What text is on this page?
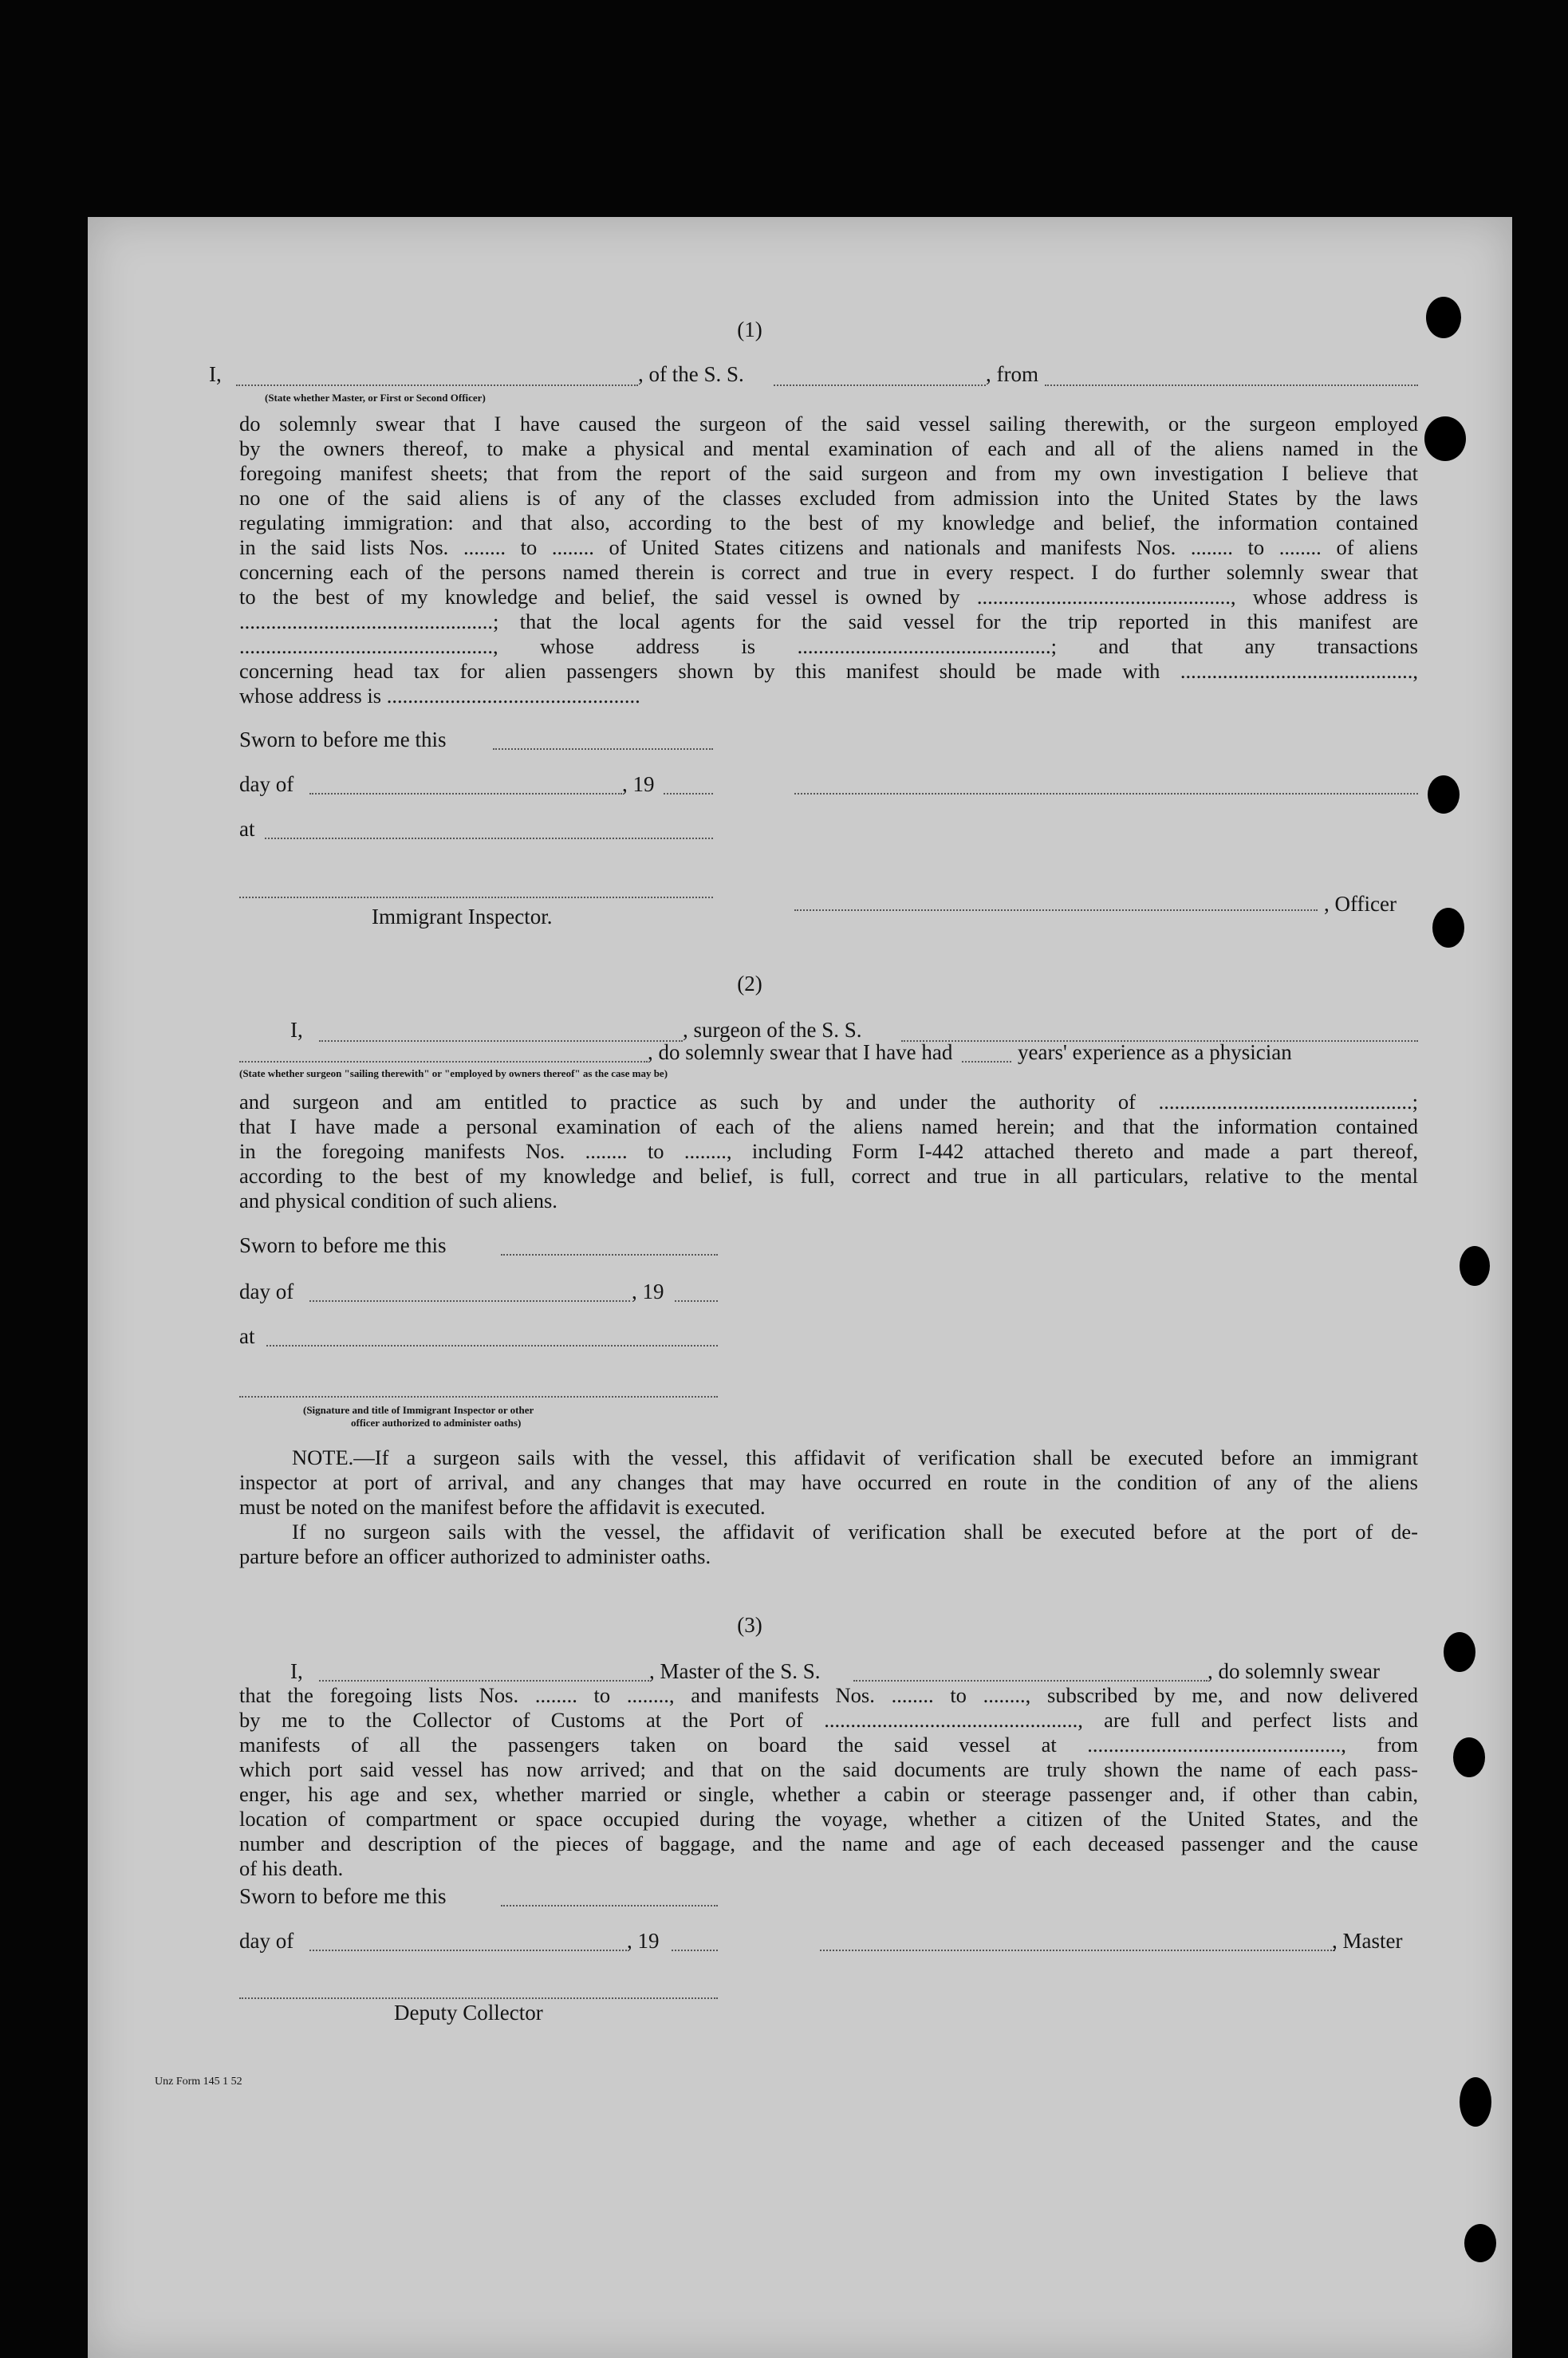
(1)
I,	, of the S. S.	, from
(State whether Master, or First or Second Officer)
do solemnly swear that I have caused the surgeon of the said vessel sailing therewith, or the surgeon employed
by the owners thereof, to make a physical and mental examination of each and all of the aliens named in the
foregoing manifest sheets; that from the report of the said surgeon and from my own investigation I believe that
no one of the said aliens is of any of the classes excluded from admission into the United States by the laws
regulating immigration: and that also, according to the best of my knowledge and belief, the information contained
in the said lists Nos. ........ to ........ of United States citizens and nationals and manifests Nos. ........ to ........ of aliens
concerning each of the persons named therein is correct and true in every respect. I do further solemnly swear that
to the best of my knowledge and belief, the said vessel is owned by ................................................, whose address is
................................................; that the local agents for the said vessel for the trip reported in this manifest are
................................................, whose address is ................................................; and that any transactions
concerning head tax for alien passengers shown by this manifest should be made with ............................................,
whose address is ................................................
Sworn to before me this
day of	, 19
at
Immigrant Inspector.
, Officer
(2)
I,	, surgeon of the S. S.
, do solemnly swear that I have had	years' experience as a physician
(State whether surgeon "sailing therewith" or "employed by owners thereof" as the case may be)
and surgeon and am entitled to practice as such by and under the authority of ................................................;
that I have made a personal examination of each of the aliens named herein; and that the information contained
in the foregoing manifests Nos. ........ to ........, including Form I-442 attached thereto and made a part thereof,
according to the best of my knowledge and belief, is full, correct and true in all particulars, relative to the mental
and physical condition of such aliens.
Sworn to before me this
day of	, 19
at
(Signature and title of Immigrant Inspector or other
officer authorized to administer oaths)
NOTE.—If a surgeon sails with the vessel, this affidavit of verification shall be executed before an immigrant
inspector at port of arrival, and any changes that may have occurred en route in the condition of any of the aliens
must be noted on the manifest before the affidavit is executed.
If no surgeon sails with the vessel, the affidavit of verification shall be executed before at the port of de-
parture before an officer authorized to administer oaths.
(3)
I,	, Master of the S. S.	, do solemnly swear
that the foregoing lists Nos. ........ to ........, and manifests Nos. ........ to ........, subscribed by me, and now delivered
by me to the Collector of Customs at the Port of ................................................, are full and perfect lists and
manifests of all the passengers taken on board the said vessel at ................................................, from
which port said vessel has now arrived; and that on the said documents are truly shown the name of each pass-
enger, his age and sex, whether married or single, whether a cabin or steerage passenger and, if other than cabin,
location of compartment or space occupied during the voyage, whether a citizen of the United States, and the
number and description of the pieces of baggage, and the name and age of each deceased passenger and the cause
of his death.
Sworn to before me this
day of	, 19	, Master
Deputy Collector
Unz Form 145 1 52
